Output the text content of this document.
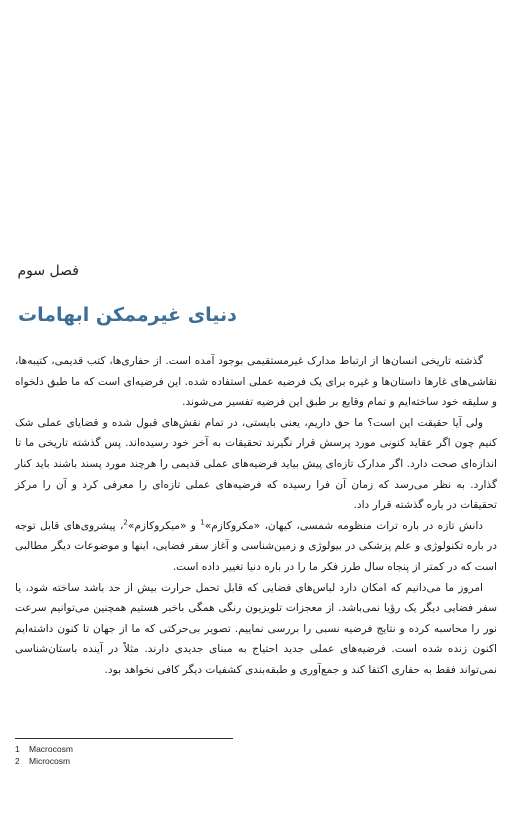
فصل سوم
دنیای غیرممکن ابهامات

گذشته تاریخی انسان‌ها از ارتباط مدارک غیرمستقیمی بوجود آمده است. از حفاری‌ها، کتب قدیمی، کتیبه‌ها، نقاشی‌های غارها داستان‌ها و غیره برای یک فرضیه عملی استفاده شده. این فرضیه‌ای است که ما طبق دلخواه و سلیقه خود ساخته‌ایم و تمام وقایع بر طبق این فرضیه تفسیر می‌شوند.

ولی آیا حقیقت این است؟ ما حق داریم، یعنی بایستی، در تمام نقش‌های قبول شده و قضایای عملی شک کنیم چون اگر عقاید کنونی مورد پرسش قرار نگیرند تحقیقات به آخر خود رسیده‌اند. پس گذشته تاریخی ما تا اندازه‌ای صحت دارد. اگر مدارک تازه‌ای پیش بیاید فرضیه‌های عملی قدیمی را هرچند مورد پسند باشند باید کنار گذارد. به نظر می‌رسد که زمان آن فرا رسیده که فرضیه‌های عملی تازه‌ای را معرفی کرد و آن را مرکز تحقیقات در باره گذشته قرار داد.

دانش تازه در باره ترات منظومه شمسی، کیهان، «مکروکازم»$^1$ و «میکروکازم»$^2$، پیشروی‌های قابل توجه در باره تکنولوژی و علم پزشکی در بیولوژی و زمین‌شناسی و آغاز سفر فضایی، اینها و موضوعات دیگر مطالبی است که در کمتر از پنجاه سال طرز فکر ما را در باره دنیا تغییر داده است.

امروز ما می‌دانیم که امکان دارد لباس‌های فضایی که قابل تحمل حرارت بیش از حد باشد ساخته شود، یا سفر فضایی دیگر یک رؤیا نمی‌باشد. از معجزات تلویزیون رنگی همگی باخبر هستیم همچنین می‌توانیم سرعت نور را محاسبه کرده و نتایج فرضیه نسبی را بررسی نماییم. تصویر بی‌حرکتی که ما از جهان تا کنون داشته‌ایم اکنون زنده شده است. فرضیه‌های عملی جدید احتیاج به مبنای جدیدی دارند. مثلاً در آینده باستان‌شناسی نمی‌تواند فقط به حفاری اکتفا کند و جمع‌آوری و طبقه‌بندی کشفیات دیگر کافی نخواهد بود.

1 Macrocosm
2 Microcosm
